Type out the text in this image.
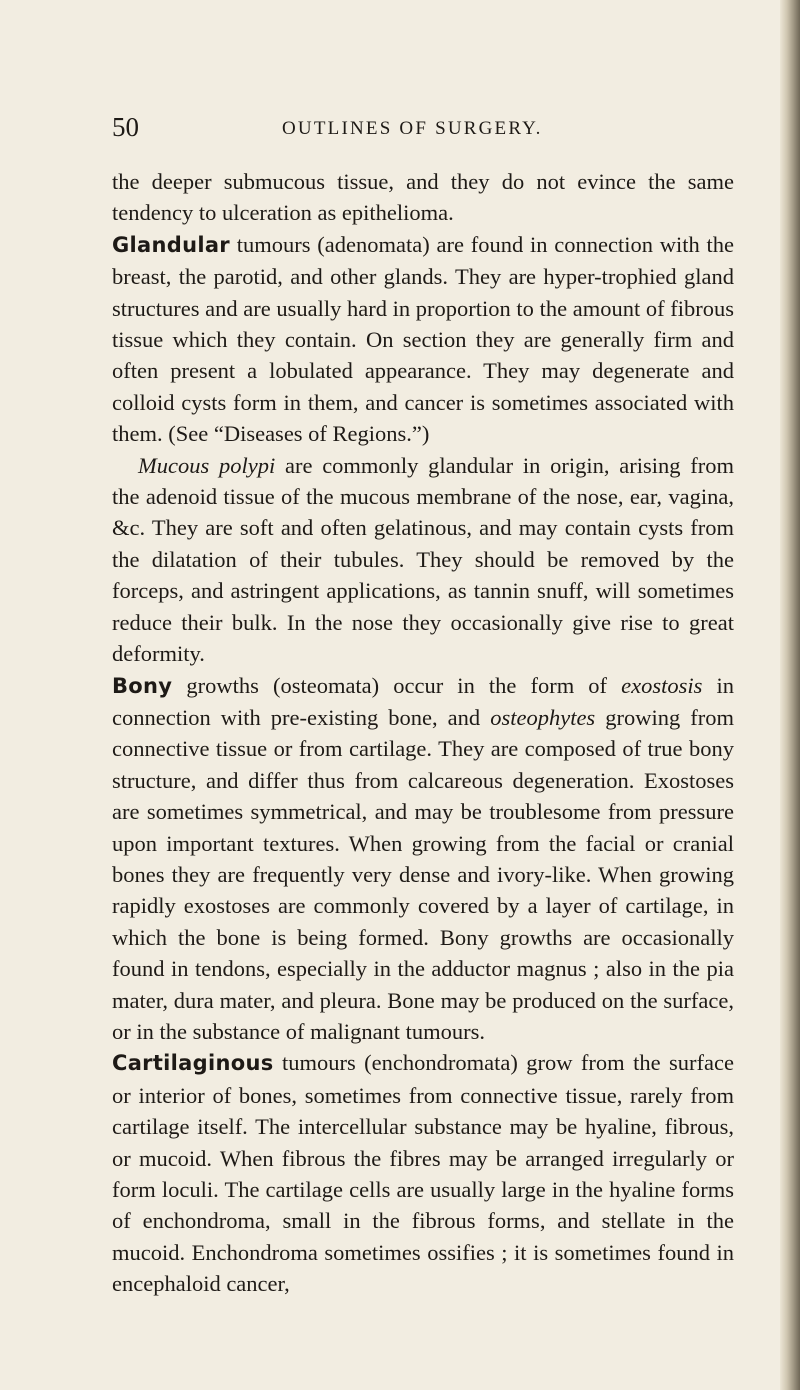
50	OUTLINES OF SURGERY.

the deeper submucous tissue, and they do not evince the same tendency to ulceration as epithelioma.

Glandular tumours (adenomata) are found in connection with the breast, the parotid, and other glands. They are hyper-trophied gland structures and are usually hard in proportion to the amount of fibrous tissue which they contain. On section they are generally firm and often present a lobulated appearance. They may degenerate and colloid cysts form in them, and cancer is sometimes associated with them. (See “Diseases of Regions.”)

Mucous polypi are commonly glandular in origin, arising from the adenoid tissue of the mucous membrane of the nose, ear, vagina, &c. They are soft and often gelatinous, and may contain cysts from the dilatation of their tubules. They should be removed by the forceps, and astringent applications, as tannin snuff, will sometimes reduce their bulk. In the nose they occasionally give rise to great deformity.

Bony growths (osteomata) occur in the form of exostosis in connection with pre-existing bone, and osteophytes growing from connective tissue or from cartilage. They are composed of true bony structure, and differ thus from calcareous degeneration. Exostoses are sometimes symmetrical, and may be troublesome from pressure upon important textures. When growing from the facial or cranial bones they are frequently very dense and ivory-like. When growing rapidly exostoses are commonly covered by a layer of cartilage, in which the bone is being formed. Bony growths are occasionally found in tendons, especially in the adductor magnus ; also in the pia mater, dura mater, and pleura. Bone may be produced on the surface, or in the substance of malignant tumours.

Cartilaginous tumours (enchondromata) grow from the surface or interior of bones, sometimes from connective tissue, rarely from cartilage itself. The intercellular substance may be hyaline, fibrous, or mucoid. When fibrous the fibres may be arranged irregularly or form loculi. The cartilage cells are usually large in the hyaline forms of enchondroma, small in the fibrous forms, and stellate in the mucoid. Enchondroma sometimes ossifies ; it is sometimes found in encephaloid cancer,
